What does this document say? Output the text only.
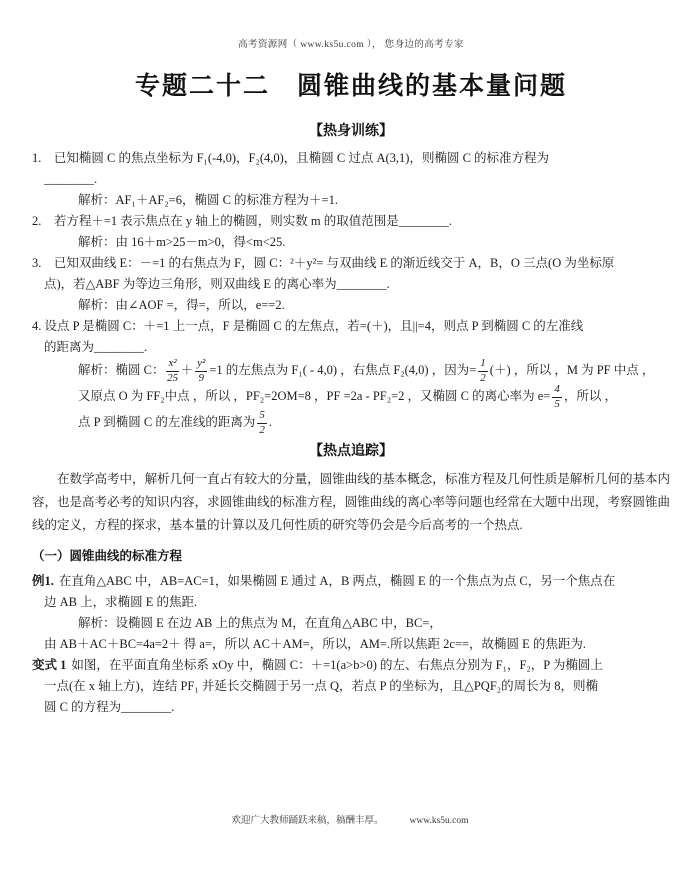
高考资源网（ www.ks5u.com ）， 您身边的高考专家
专题二十二　圆锥曲线的基本量问题
【热身训练】

1.　已知椭圆 C 的焦点坐标为 F₁(-4,0)，F₂(4,0)，且椭圆 C 过点 A(3,1)，则椭圆 C 的标准方程为

________.

解析：AF₁＋AF₂=6，椭圆 C 的标准方程为＋=1.

2.　若方程＋=1 表示焦点在 y 轴上的椭圆，则实数 m 的取值范围是________.

解析：由 16＋m>25－m>0，得<m<25.

3.　已知双曲线 E：－=1 的右焦点为 F，圆 C：²＋y²= 与双曲线 E 的渐近线交于 A，B，O 三点(O 为坐标原

点)，若△ABF 为等边三角形，则双曲线 E 的离心率为________.

解析：由∠AOF =，得=，所以，e==2.

4. 设点 P 是椭圆 C：＋=1 上一点，F 是椭圆 C 的左焦点，若=(＋)，且||=4，则点 P 到椭圆 C 的左准线

的距离为________.

解析：椭圆 C： $\frac{\text{x²}}{25} + \frac{\text{y²}}{9} =1$ 的左焦点为 F₁( - 4,0) ，右焦点 F₂(4,0) ，因为= $\frac{1}{2}$ (＋) ，所以 ，M 为 PF 中点 ，

又原点 O 为 FF₂中点 ，所以 ，PF₂=2OM=8 ，PF =2a - PF₂=2 ，又椭圆 C 的离心率为 $e= \frac{4}{5}$ ，所以 ，

点 P 到椭圆 C 的左准线的距离为 $\frac{5}{2}$ .

【热点追踪】

在数学高考中，解析几何一直占有较大的分量，圆锥曲线的基本概念，标准方程及几何性质是解析几何的基本内容，也是高考必考的知识内容，求圆锥曲线的标准方程，圆锥曲线的离心率等问题也经常在大题中出现，考察圆锥曲线的定义，方程的探求，基本量的计算以及几何性质的研究等仍会是今后高考的一个热点.

（一）圆锥曲线的标准方程

例1. 在直角△ABC 中，AB=AC=1，如果椭圆 E 通过 A，B 两点，椭圆 E 的一个焦点为点 C，另一个焦点在

边 AB 上，求椭圆 E 的焦距.

解析：设椭圆 E 在边 AB 上的焦点为 M，在直角△ABC 中，BC=，

由 AB＋AC＋BC=4a=2＋ 得 a=，所以 AC＋AM=，所以，AM=.所以焦距 2c==，故椭圆 E 的焦距为.

变式 1 如图，在平面直角坐标系 xOy 中，椭圆 C：＋=1(a>b>0) 的左、右焦点分别为 F₁，F₂，P 为椭圆上

一点(在 x 轴上方)，连结 PF₁ 并延长交椭圆于另一点 Q，若点 P 的坐标为，且△PQF₂的周长为 8，则椭

圆 C 的方程为________.

欢迎广大教师踊跃来稿，稿酬丰厚。	www.ks5u.com
